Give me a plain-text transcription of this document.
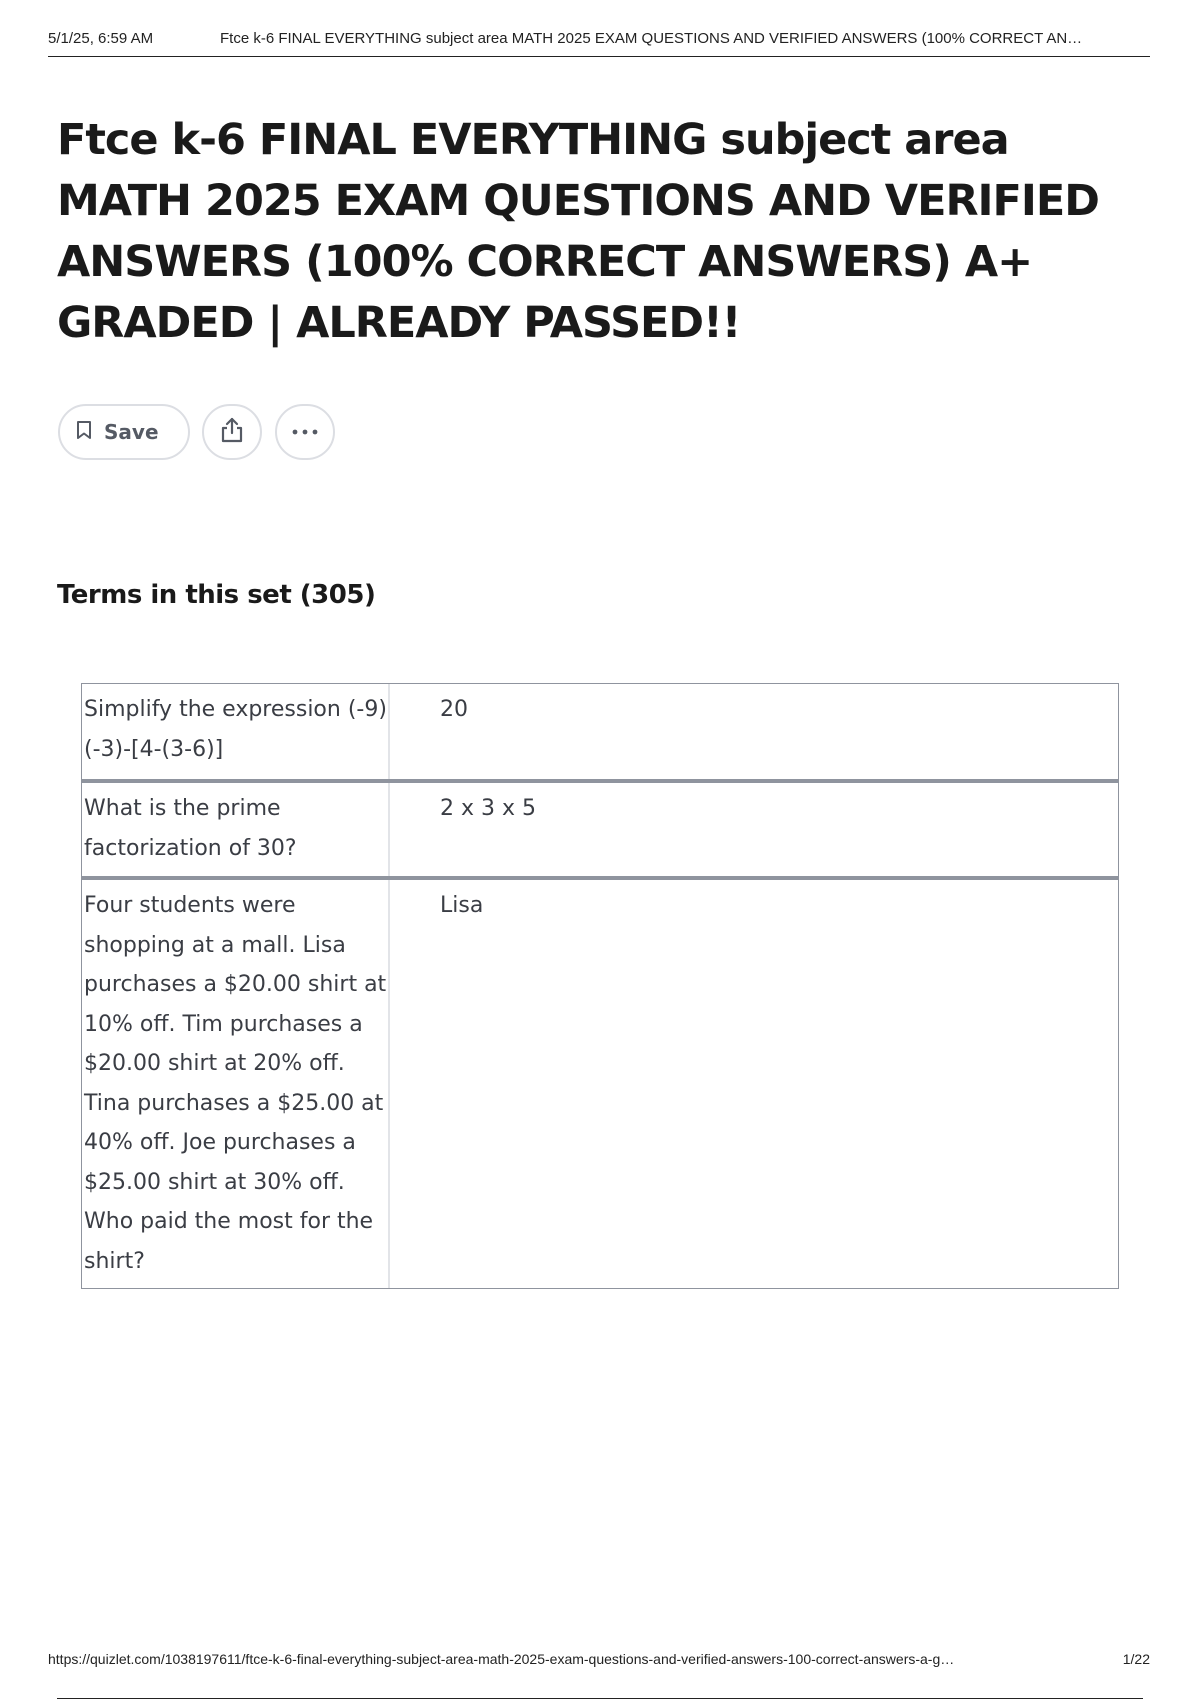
5/1/25, 6:59 AM	Ftce k-6 FINAL EVERYTHING subject area MATH 2025 EXAM QUESTIONS AND VERIFIED ANSWERS (100% CORRECT AN…
Ftce k-6 FINAL EVERYTHING subject area MATH 2025 EXAM QUESTIONS AND VERIFIED ANSWERS (100% CORRECT ANSWERS) A+ GRADED | ALREADY PASSED!!
Save
Terms in this set (305)
Simplify the expression (-9)(-3)-[4-(3-6)]
20
What is the prime factorization of 30?
2 x 3 x 5
Four students were shopping at a mall. Lisa purchases a $20.00 shirt at 10% off. Tim purchases a $20.00 shirt at 20% off. Tina purchases a $25.00 at 40% off. Joe purchases a $25.00 shirt at 30% off. Who paid the most for the shirt?
Lisa
https://quizlet.com/1038197611/ftce-k-6-final-everything-subject-area-math-2025-exam-questions-and-verified-answers-100-correct-answers-a-g…	1/22
